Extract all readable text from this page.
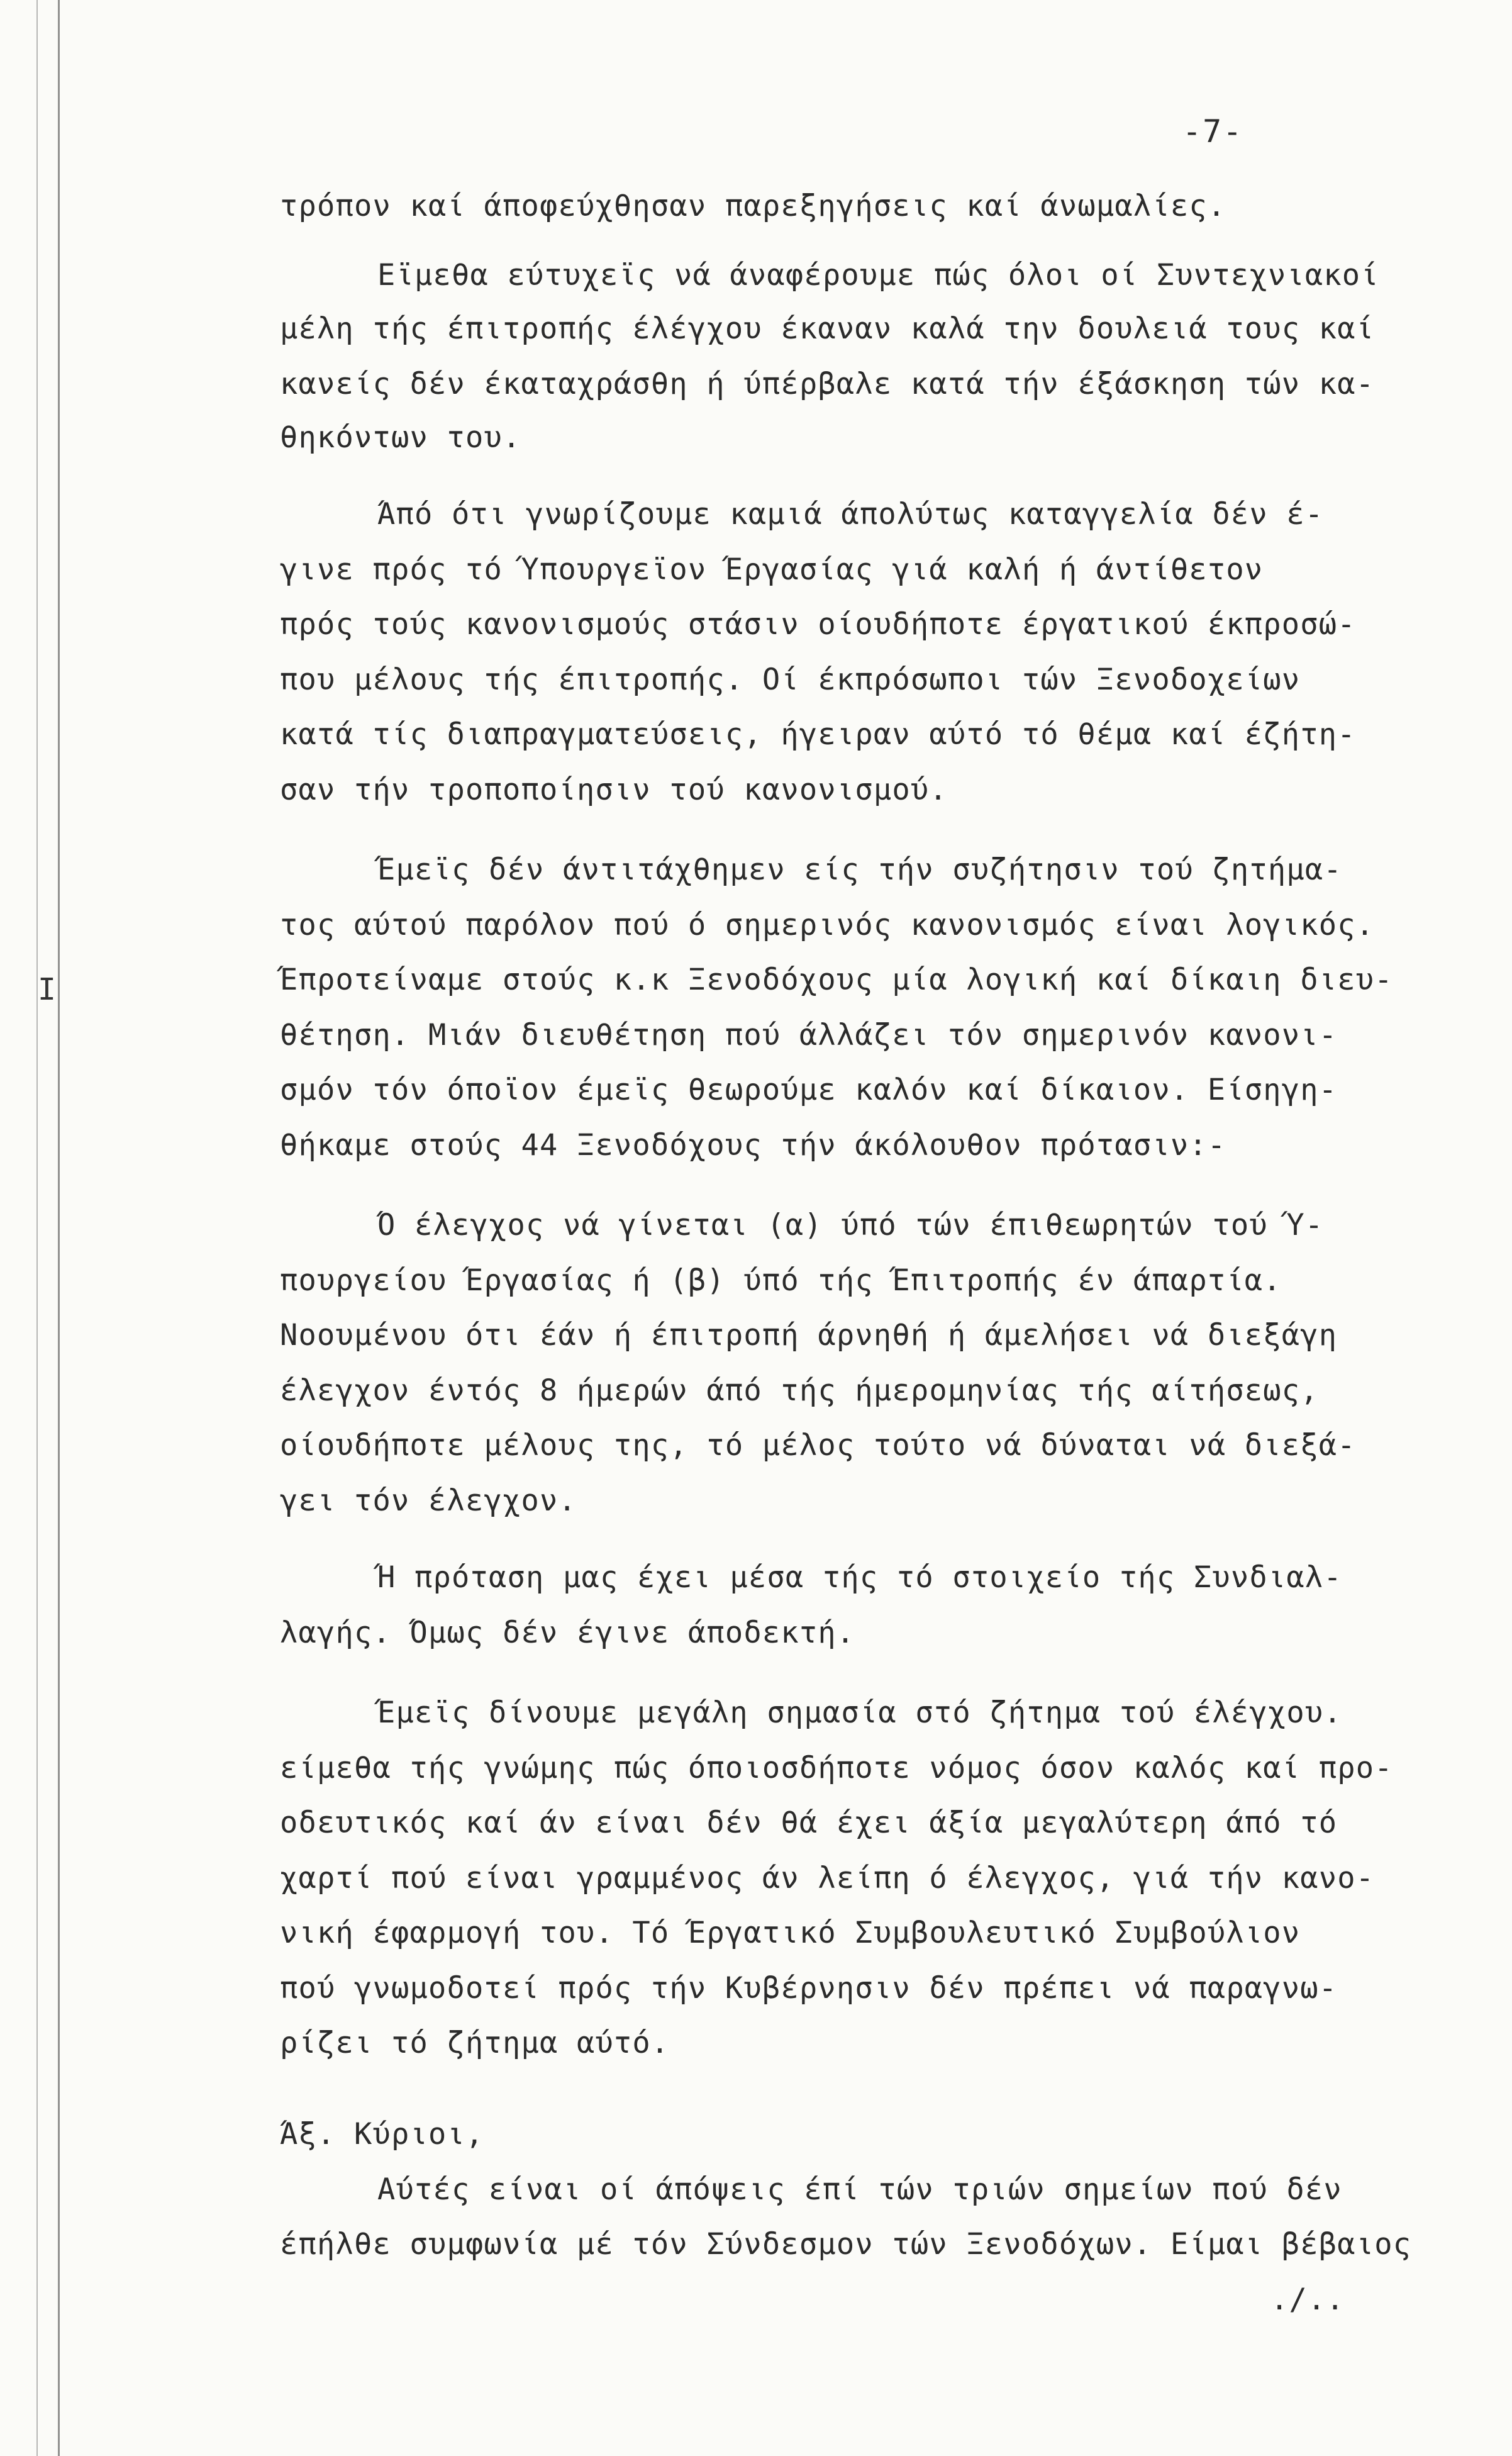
I
-7-
τρόπον καί άποφεύχθησαν παρεξηγήσεις καί άνωμαλίες.
Εϊμεθα εύτυχεϊς νά άναφέρουμε πώς όλοι οί Συντεχνιακοί
μέλη τής έπιτροπής έλέγχου έκαναν καλά την δουλειά τους καί
κανείς δέν έκαταχράσθη ή ύπέρβαλε κατά τήν έξάσκηση τών κα-
θηκόντων του.
Άπό ότι γνωρίζουμε καμιά άπολύτως καταγγελία δέν έ-
γινε πρός τό Ύπουργεϊον Έργασίας γιά καλή ή άντίθετον
πρός τούς κανονισμούς στάσιν οίουδήποτε έργατικού έκπροσώ-
που μέλους τής έπιτροπής. Οί έκπρόσωποι τών Ξενοδοχείων
κατά τίς διαπραγματεύσεις, ήγειραν αύτό τό θέμα καί έζήτη-
σαν τήν τροποποίησιν τού κανονισμού.
Έμεϊς δέν άντιτάχθημεν είς τήν συζήτησιν τού ζητήμα-
τος αύτού παρόλον πού ό σημερινός κανονισμός είναι λογικός.
Έπροτείναμε στούς κ.κ Ξενοδόχους μία λογική καί δίκαιη διευ-
θέτηση. Μιάν διευθέτηση πού άλλάζει τόν σημερινόν κανονι-
σμόν τόν όποϊον έμεϊς θεωρούμε καλόν καί δίκαιον. Είσηγη-
θήκαμε στούς 44 Ξενοδόχους τήν άκόλουθον πρότασιν:-
Ό έλεγχος νά γίνεται (α) ύπό τών έπιθεωρητών τού Ύ-
πουργείου Έργασίας ή (β) ύπό τής Έπιτροπής έν άπαρτία.
Νοουμένου ότι έάν ή έπιτροπή άρνηθή ή άμελήσει νά διεξάγη
έλεγχον έντός 8 ήμερών άπό τής ήμερομηνίας τής αίτήσεως,
οίουδήποτε μέλους της, τό μέλος τούτο νά δύναται νά διεξά-
γει τόν έλεγχον.
Ή πρόταση μας έχει μέσα τής τό στοιχείο τής Συνδιαλ-
λαγής. Όμως δέν έγινε άποδεκτή.
Έμεϊς δίνουμε μεγάλη σημασία στό ζήτημα τού έλέγχου.
είμεθα τής γνώμης πώς όποιοσδήποτε νόμος όσον καλός καί προ-
οδευτικός καί άν είναι δέν θά έχει άξία μεγαλύτερη άπό τό
χαρτί πού είναι γραμμένος άν λείπη ό έλεγχος, γιά τήν κανο-
νική έφαρμογή του. Τό Έργατικό Συμβουλευτικό Συμβούλιον
πού γνωμοδοτεί πρός τήν Κυβέρνησιν δέν πρέπει νά παραγνω-
ρίζει τό ζήτημα αύτό.
Άξ. Κύριοι,
Αύτές είναι οί άπόψεις έπί τών τριών σημείων πού δέν
έπήλθε συμφωνία μέ τόν Σύνδεσμον τών Ξενοδόχων. Είμαι βέβαιος
./..
